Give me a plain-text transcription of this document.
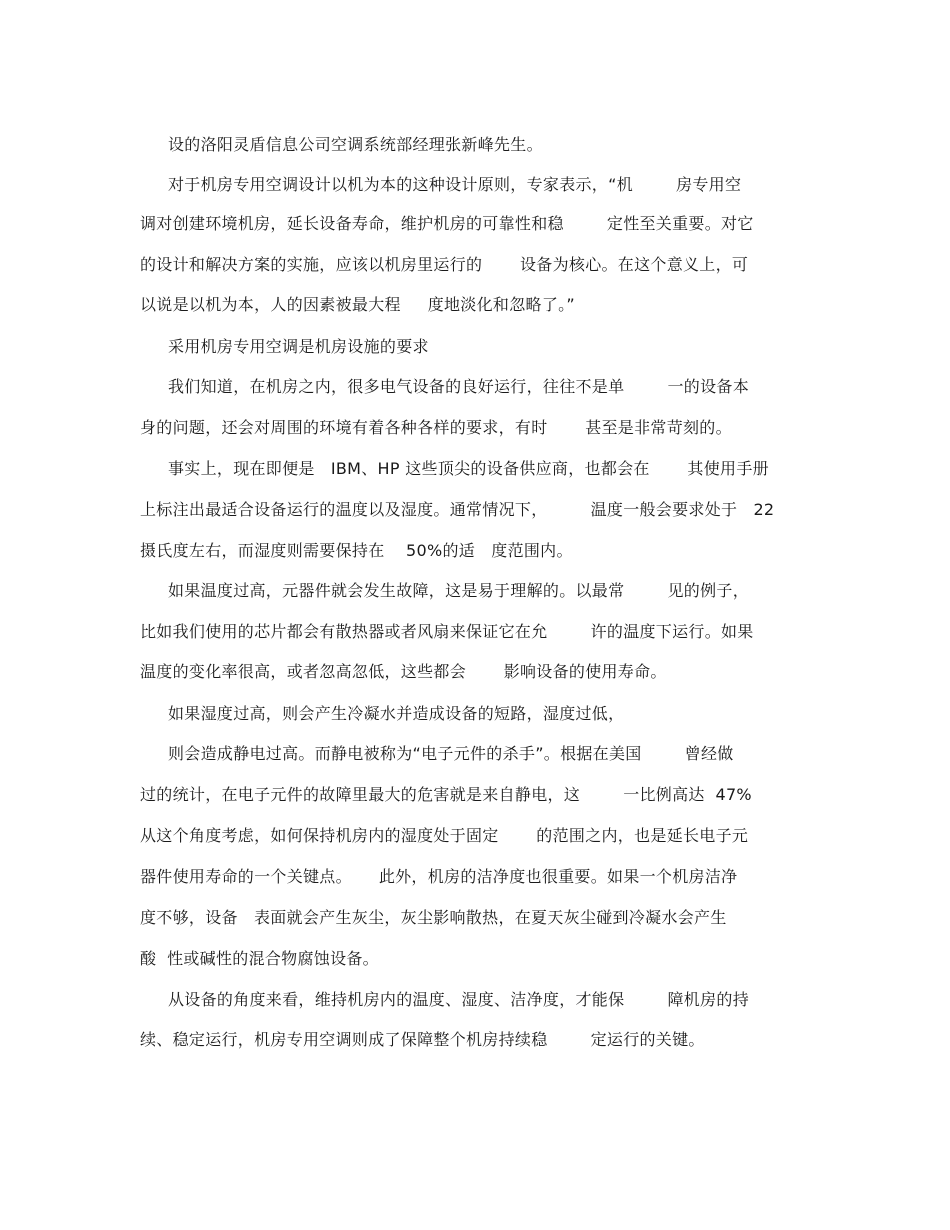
设的洛阳灵盾信息公司空调系统部经理张新峰先生。
对于机房专用空调设计以机为本的这种设计原则，专家表示，“机        房专用空
调对创建环境机房，延长设备寿命，维护机房的可靠性和稳        定性至关重要。对它
的设计和解决方案的实施，应该以机房里运行的       设备为核心。在这个意义上，可
以说是以机为本，人的因素被最大程     度地淡化和忽略了。”
采用机房专用空调是机房设施的要求
我们知道，在机房之内，很多电气设备的良好运行，往往不是单        一的设备本
身的问题，还会对周围的环境有着各种各样的要求，有时       甚至是非常苛刻的。
事实上，现在即便是   IBM、HP 这些顶尖的设备供应商，也都会在       其使用手册
上标注出最适合设备运行的温度以及湿度。通常情况下，        温度一般会要求处于   22
摄氏度左右，而湿度则需要保持在    50%的适   度范围内。
如果温度过高，元器件就会发生故障，这是易于理解的。以最常        见的例子，
比如我们使用的芯片都会有散热器或者风扇来保证它在允        许的温度下运行。如果
温度的变化率很高，或者忽高忽低，这些都会       影响设备的使用寿命。
如果湿度过高，则会产生冷凝水并造成设备的短路，湿度过低，
则会造成静电过高。而静电被称为“电子元件的杀手”。根据在美国        曾经做
过的统计，在电子元件的故障里最大的危害就是来自静电，这        一比例高达  47%
从这个角度考虑，如何保持机房内的湿度处于固定       的范围之内，也是延长电子元
器件使用寿命的一个关键点。     此外，机房的洁净度也很重要。如果一个机房洁净
度不够，设备   表面就会产生灰尘，灰尘影响散热，在夏天灰尘碰到冷凝水会产生
酸  性或碱性的混合物腐蚀设备。
从设备的角度来看，维持机房内的温度、湿度、洁净度，才能保        障机房的持
续、稳定运行，机房专用空调则成了保障整个机房持续稳        定运行的关键。
